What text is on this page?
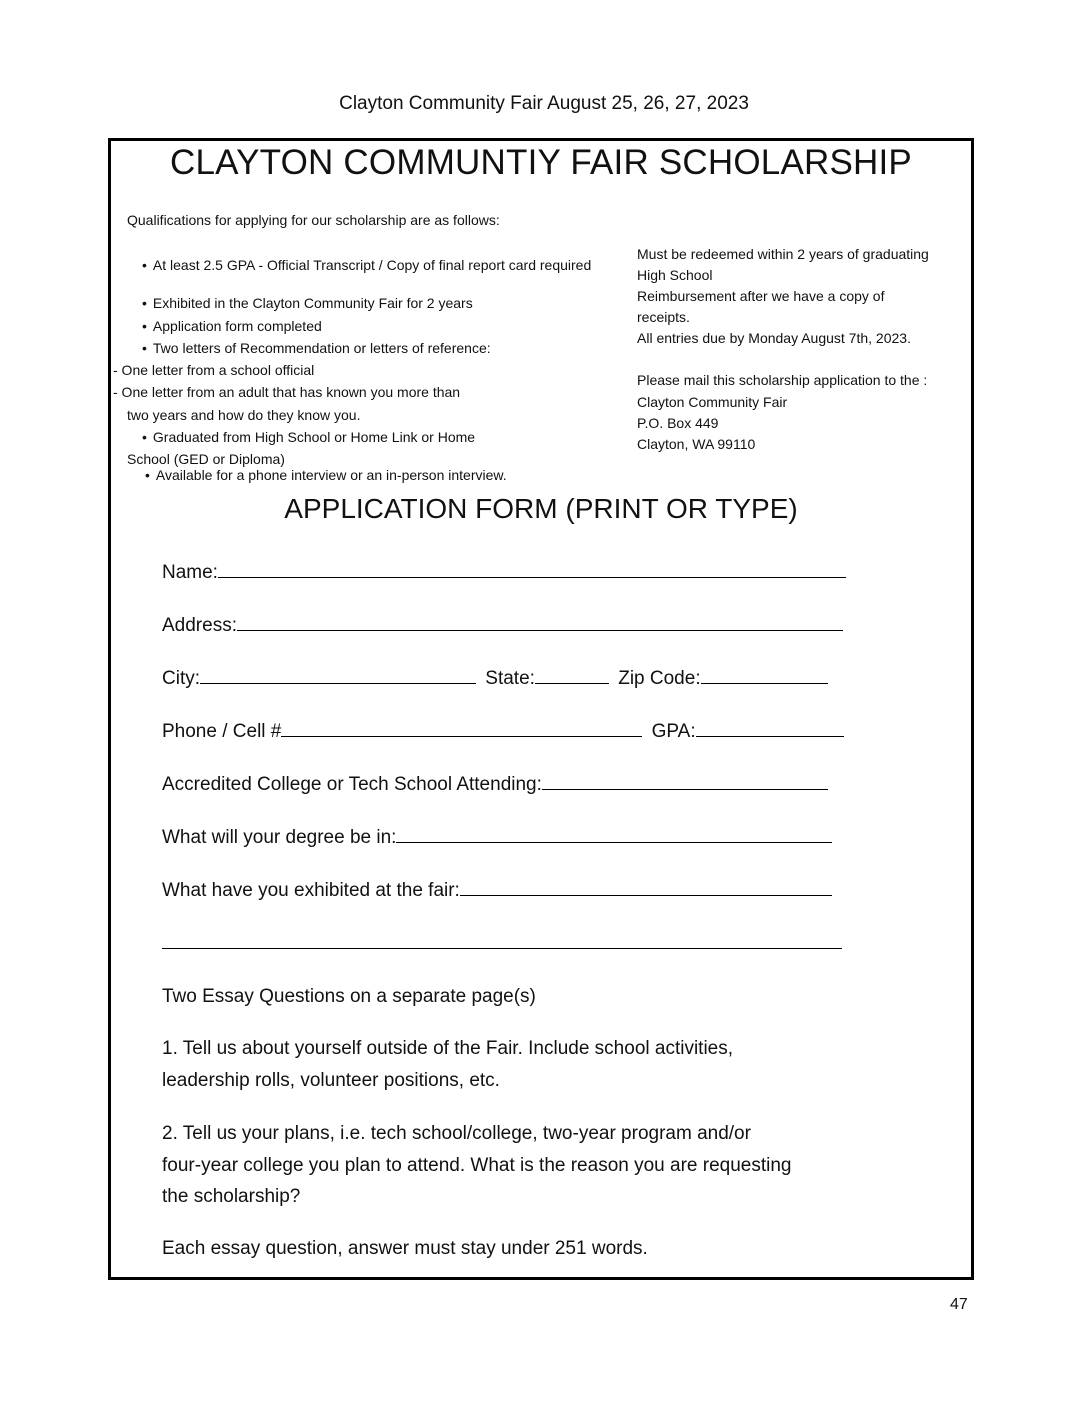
Clayton Community Fair August 25, 26, 27, 2023
CLAYTON COMMUNTIY FAIR SCHOLARSHIP
Qualifications for applying for our scholarship are as follows:
• At least 2.5 GPA - Official Transcript / Copy of final report card required
• Exhibited in the Clayton Community Fair for 2 years
• Application form completed
• Two letters of Recommendation or letters of reference:
- One letter from a school official
- One letter from an adult that has known you more than
two years and how do they know you.
• Graduated from High School or Home Link or Home
School (GED or Diploma)
• Available for a phone interview or an in-person interview.
Must be redeemed within 2 years of graduating
High School
Reimbursement after we have a copy of
receipts.
All entries due by Monday August 7th, 2023.
Please mail this scholarship application to the :
Clayton Community Fair
P.O. Box 449
Clayton, WA 99110
APPLICATION FORM (PRINT OR TYPE)
Name:
Address:
City:	State:	Zip Code:
Phone / Cell #	GPA:
Accredited College or Tech School Attending:
What will your degree be in:
What have you exhibited at the fair:
Two Essay Questions on a separate page(s)
1. Tell us about yourself outside of the Fair. Include school activities,
leadership rolls, volunteer positions, etc.
2. Tell us your plans, i.e. tech school/college, two-year program and/or
four-year college you plan to attend. What is the reason you are requesting
the scholarship?
Each essay question, answer must stay under 251 words.
47
